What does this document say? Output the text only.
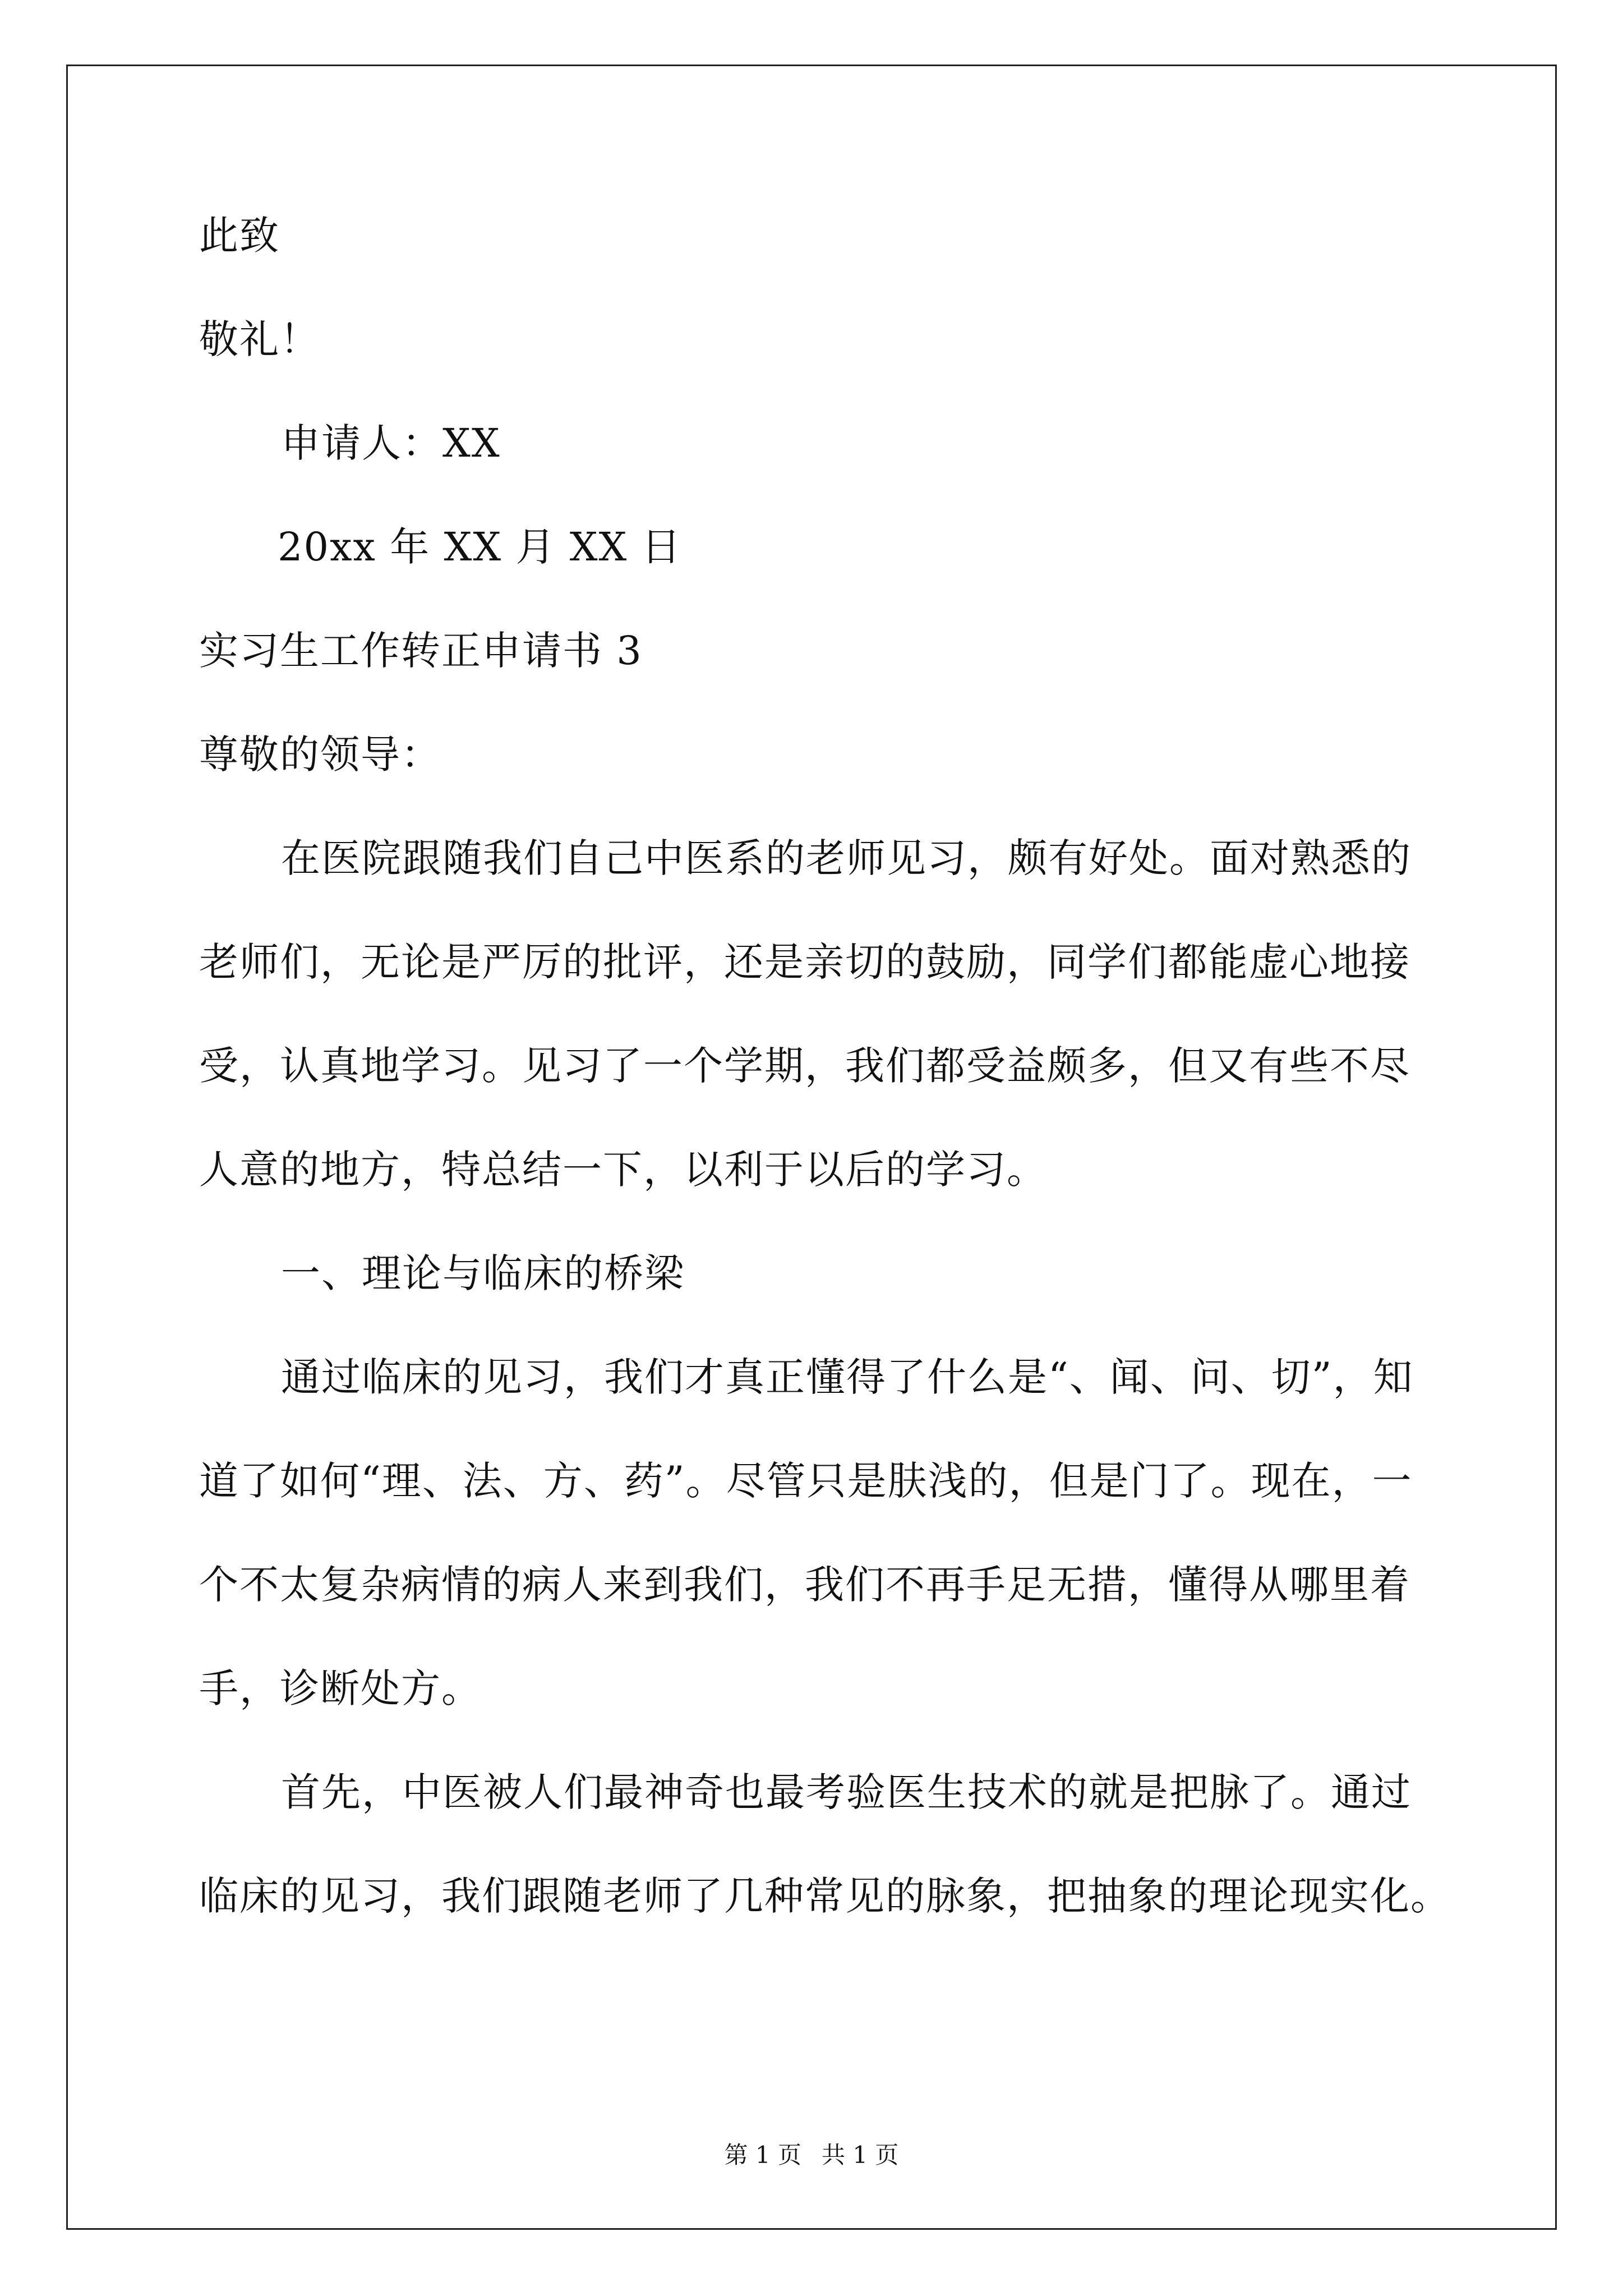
此致

敬礼！

申请人：XX

20xx 年 XX 月 XX 日

实习生工作转正申请书 3

尊敬的领导：

在医院跟随我们自己中医系的老师见习，颇有好处。面对熟悉的

老师们，无论是严厉的批评，还是亲切的鼓励，同学们都能虚心地接

受，认真地学习。见习了一个学期，我们都受益颇多，但又有些不尽

人意的地方，特总结一下，以利于以后的学习。

一、理论与临床的桥梁

通过临床的见习，我们才真正懂得了什么是“、闻、问、切”，知

道了如何“理、法、方、药”。尽管只是肤浅的，但是门了。现在，一

个不太复杂病情的病人来到我们，我们不再手足无措，懂得从哪里着

手，诊断处方。

首先，中医被人们最神奇也最考验医生技术的就是把脉了。通过

临床的见习，我们跟随老师了几种常见的脉象，把抽象的理论现实化。

第 1 页 共 1 页
